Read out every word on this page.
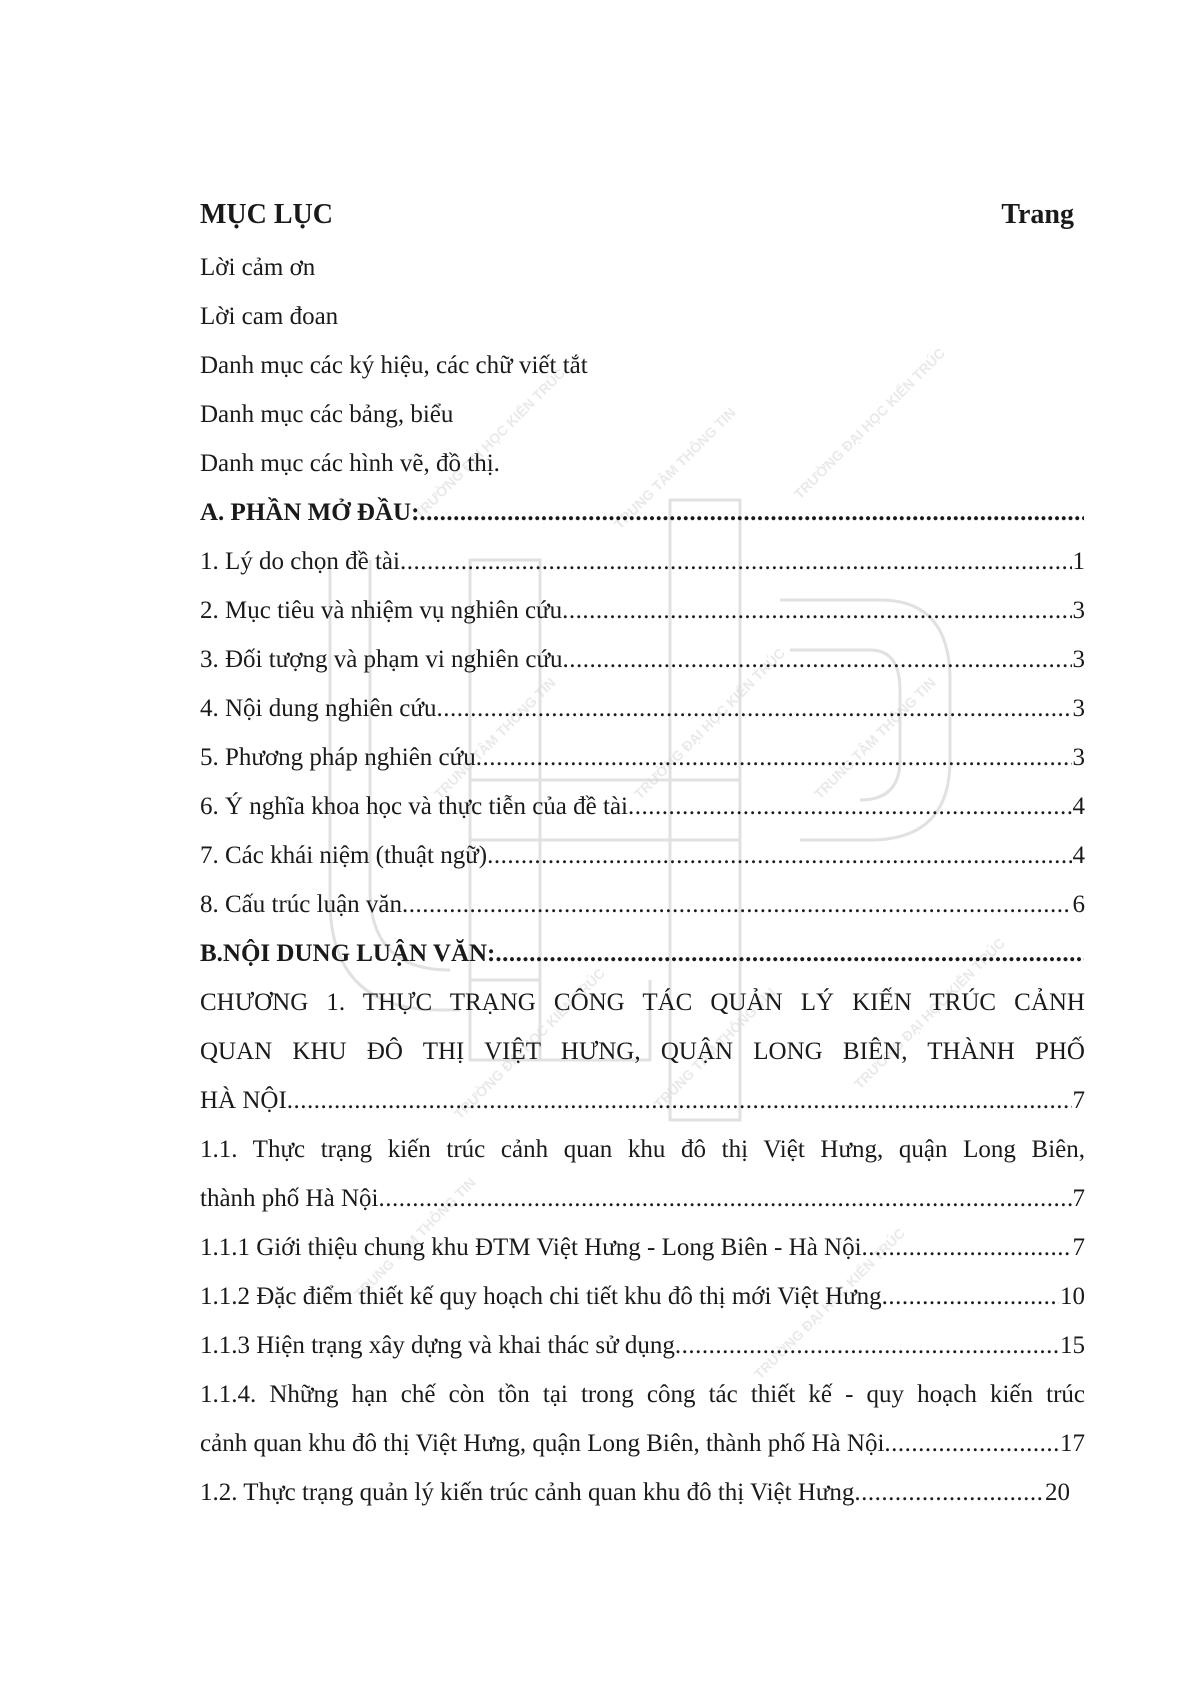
TRƯỜNG ĐẠI HỌC KIẾN TRÚC	TRUNG TÂM THÔNG TIN	TRƯỜNG ĐẠI HỌC KIẾN TRÚC
TRUNG TÂM THÔNG TIN	TRƯỜNG ĐẠI HỌC KIẾN TRÚC TRUNG TÂM THÔNG TIN
TRƯỜNG ĐẠI HỌC KIẾN TRÚC	TRUNG TÂM THÔNG TIN	TRƯỜNG ĐẠI HỌC KIẾN TRÚC
TRUNG TÂM THÔNG TIN	TRƯỜNG ĐẠI HỌC KIẾN TRÚC
MỤC LỤC	Trang
Lời cảm ơn
Lời cam đoan
Danh mục các ký hiệu, các chữ viết tắt
Danh mục các bảng, biểu
Danh mục các hình vẽ, đồ thị.
A. PHẦN MỞ ĐẦU:
.....
1. Lý do chọn đề tài .....	1
2. Mục tiêu và nhiệm vụ nghiên cứu .....	3
3. Đối tượng và phạm vi nghiên cứu .....	3
4. Nội dung nghiên cứu .....	3
5. Phương pháp nghiên cứu .....	3
6. Ý nghĩa khoa học và thực tiễn của đề tài .....	4
7. Các khái niệm (thuật ngữ) .....	4
8. Cấu trúc luận văn .....	6
B.NỘI DUNG LUẬN VĂN:
.....
CHƯƠNG 1. THỰC TRẠNG CÔNG TÁC QUẢN LÝ KIẾN TRÚC CẢNH
QUAN KHU ĐÔ THỊ VIỆT HƯNG, QUẬN LONG BIÊN, THÀNH PHỐ
HÀ NỘI .....	7
1.1. Thực trạng kiến trúc cảnh quan khu đô thị Việt Hưng, quận Long Biên,
thành phố Hà Nội .....	7
1.1.1 Giới thiệu chung khu ĐTM Việt Hưng - Long Biên - Hà Nội .....	7
1.1.2 Đặc điểm thiết kế quy hoạch chi tiết khu đô thị mới Việt Hưng .....	10
1.1.3 Hiện trạng xây dựng và khai thác sử dụng .....	15
1.1.4. Những hạn chế còn tồn tại trong công tác thiết kế - quy hoạch kiến trúc
cảnh quan khu đô thị Việt Hưng, quận Long Biên, thành phố Hà Nội .....	17
1.2. Thực trạng quản lý kiến trúc cảnh quan khu đô thị Việt Hưng .....	20
